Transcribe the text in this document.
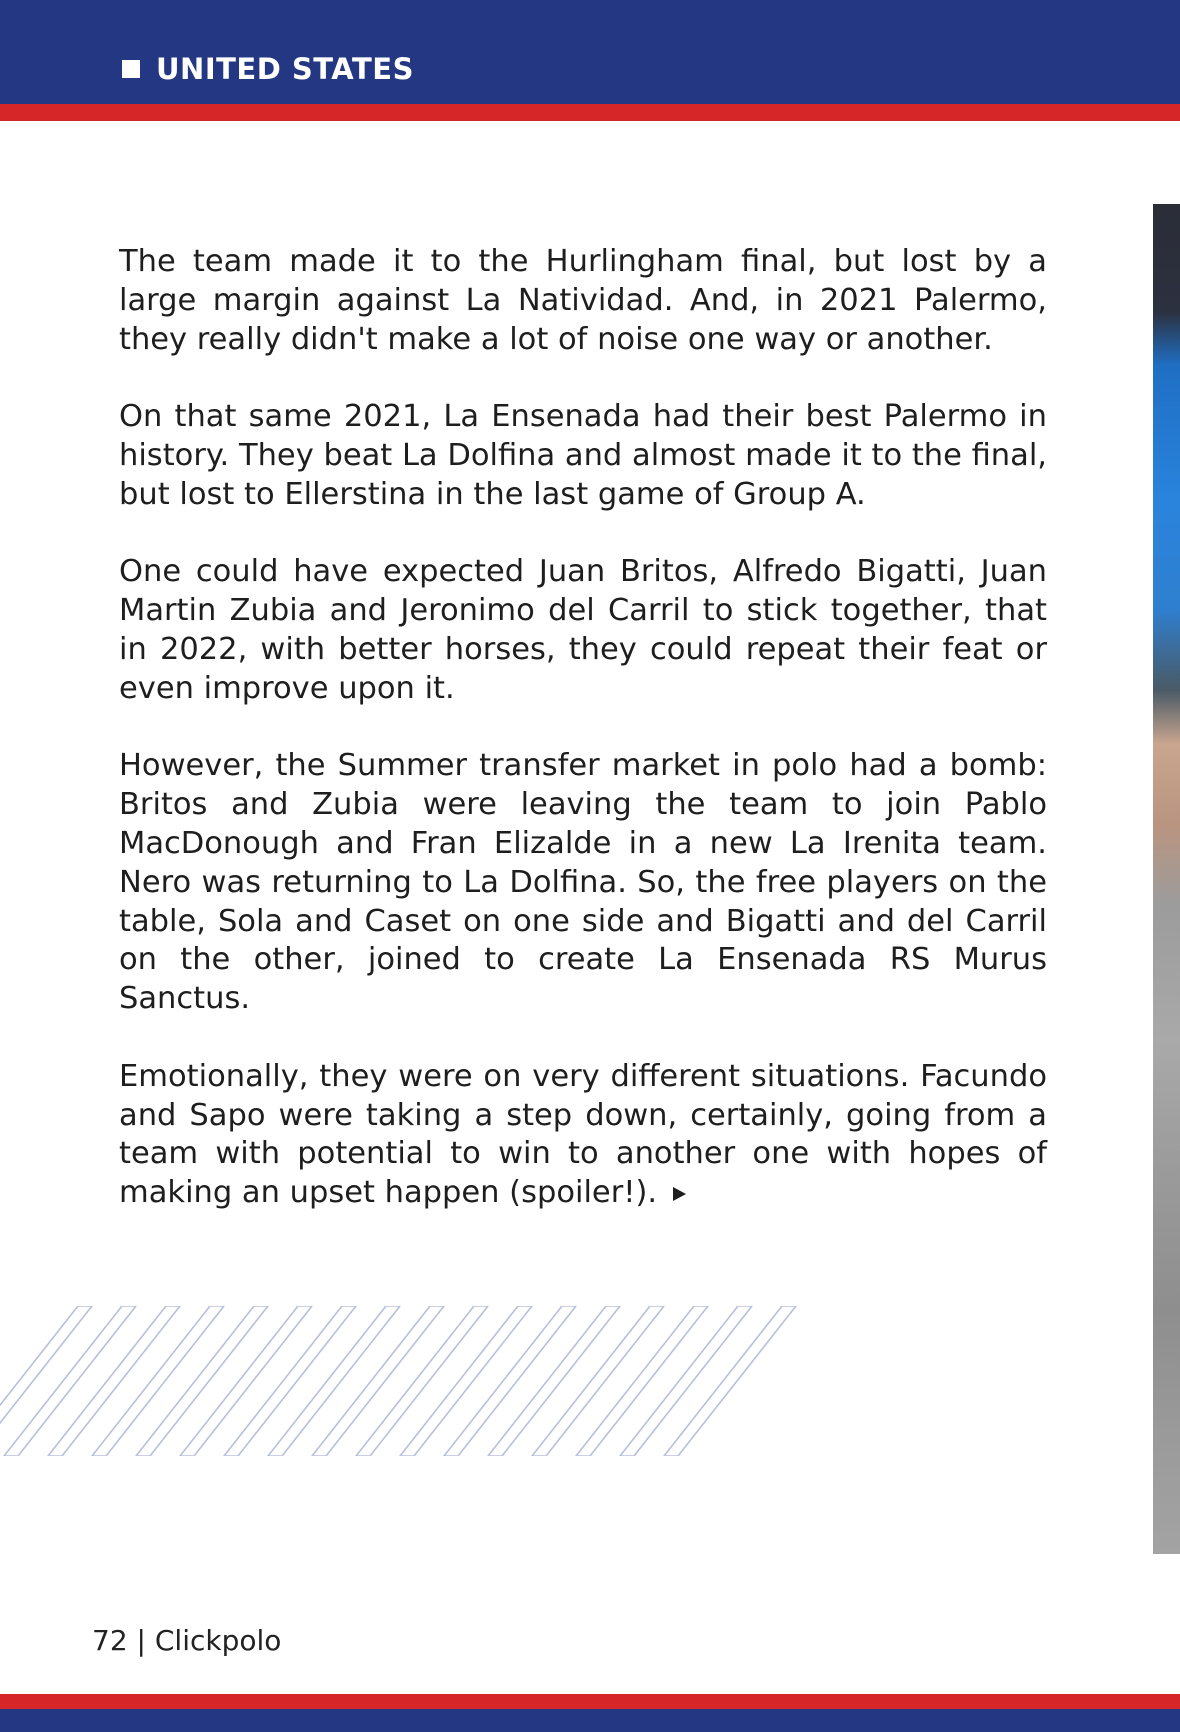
UNITED STATES

The team made it to the Hurlingham final, but lost by a large margin against La Natividad. And, in 2021 Palermo, they really didn't make a lot of noise one way or another.

On that same 2021, La Ensenada had their best Palermo in history. They beat La Dolfina and almost made it to the final, but lost to Ellerstina in the last game of Group A.

One could have expected Juan Britos, Alfredo Bigatti, Juan Martin Zubia and Jeronimo del Carril to stick together, that in 2022, with better horses, they could repeat their feat or even improve upon it.

However, the Summer transfer market in polo had a bomb: Britos and Zubia were leaving the team to join Pablo MacDonough and Fran Elizalde in a new La Irenita team. Nero was returning to La Dolfina. So, the free players on the table, Sola and Caset on one side and Bigatti and del Carril on the other, joined to create La Ensenada RS Murus Sanctus.

Emotionally, they were on very different situations. Facundo and Sapo were taking a step down, certainly, going from a team with potential to win to another one with hopes of making an upset happen (spoiler!).

72 | Clickpolo
